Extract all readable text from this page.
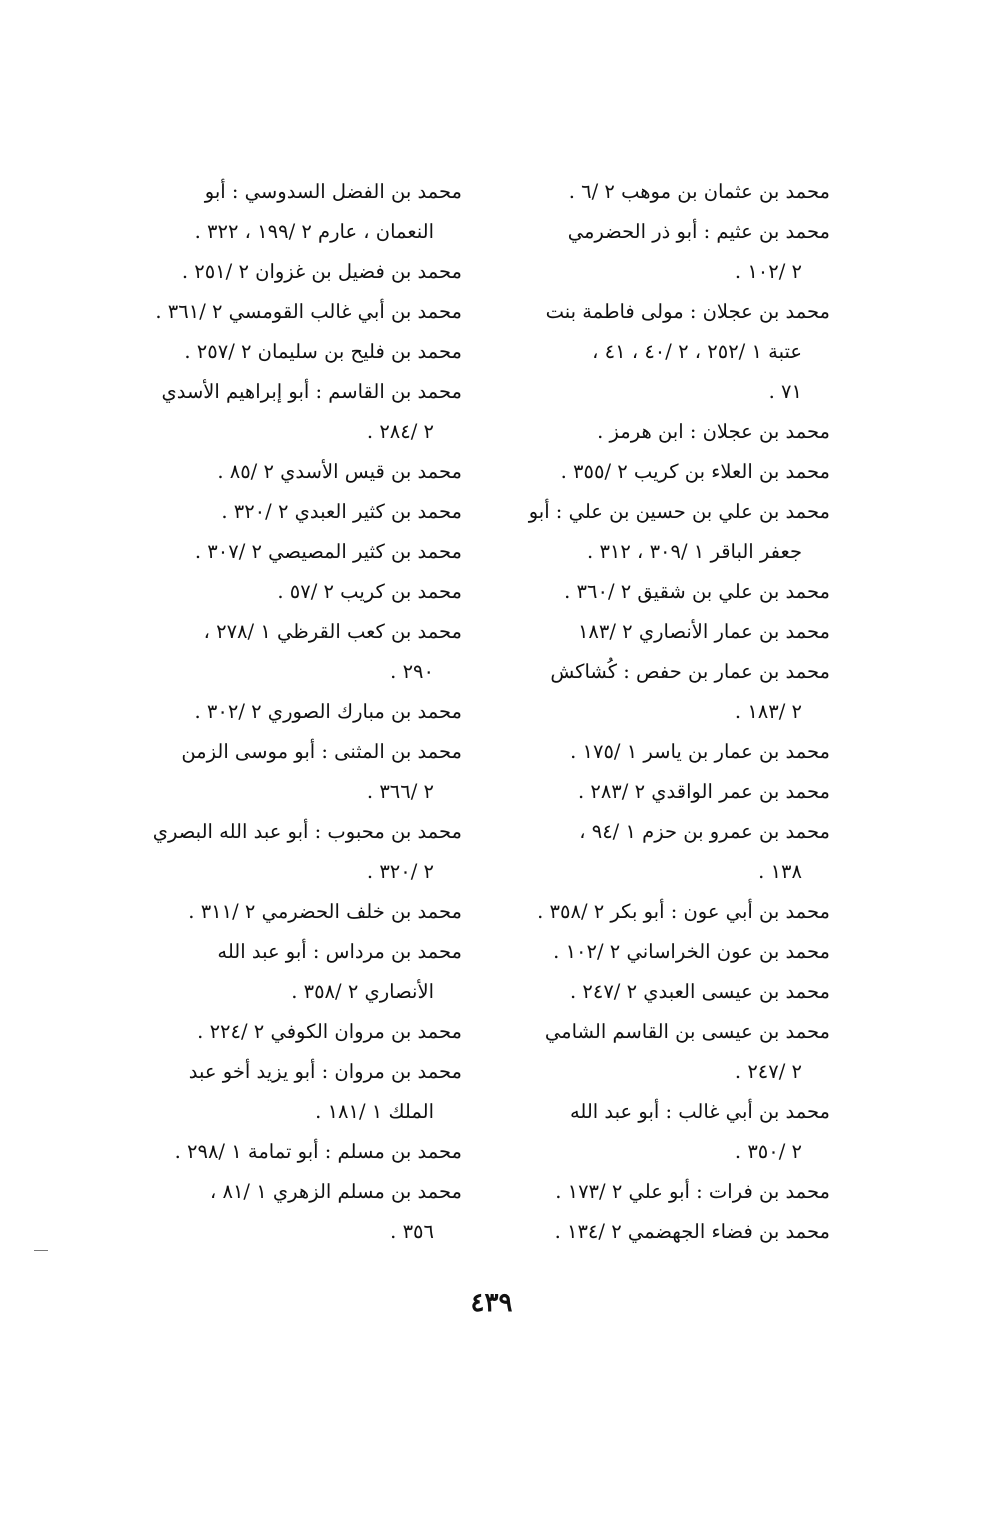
محمد بن عثمان بن موهب ٢ /٦ .
محمد بن عثيم : أبو ذر الحضرمي
٢ /١٠٢ .
محمد بن عجلان : مولى فاطمة بنت
عتبة ١ /٢٥٢ ، ٢ /٤٠ ، ٤١ ،
٧١ .
محمد بن عجلان : ابن هرمز .
محمد بن العلاء بن كريب ٢ /٣٥٥ .
محمد بن علي بن حسين بن علي : أبو
جعفر الباقر ١ /٣٠٩ ، ٣١٢ .
محمد بن علي بن شقيق ٢ /٣٦٠ .
محمد بن عمار الأنصاري ٢ /١٨٣
محمد بن عمار بن حفص : كُشاكش
٢ /١٨٣ .
محمد بن عمار بن ياسر ١ /١٧٥ .
محمد بن عمر الواقدي ٢ /٢٨٣ .
محمد بن عمرو بن حزم ١ /٩٤ ،
١٣٨ .
محمد بن أبي عون : أبو بكر ٢ /٣٥٨ .
محمد بن عون الخراساني ٢ /١٠٢ .
محمد بن عيسى العبدي ٢ /٢٤٧ .
محمد بن عيسى بن القاسم الشامي
٢ /٢٤٧ .
محمد بن أبي غالب : أبو عبد الله
٢ /٣٥٠ .
محمد بن فرات : أبو علي ٢ /١٧٣ .
محمد بن فضاء الجهضمي ٢ /١٣٤ .
محمد بن الفضل السدوسي : أبو
النعمان ، عارم ٢ /١٩٩ ، ٣٢٢ .
محمد بن فضيل بن غزوان ٢ /٢٥١ .
محمد بن أبي غالب القومسي ٢ /٣٦١ .
محمد بن فليح بن سليمان ٢ /٢٥٧ .
محمد بن القاسم : أبو إبراهيم الأسدي
٢ /٢٨٤ .
محمد بن قيس الأسدي ٢ /٨٥ .
محمد بن كثير العبدي ٢ /٣٢٠ .
محمد بن كثير المصيصي ٢ /٣٠٧ .
محمد بن كريب ٢ /٥٧ .
محمد بن كعب القرظي ١ /٢٧٨ ،
٢٩٠ .
محمد بن مبارك الصوري ٢ /٣٠٢ .
محمد بن المثنى : أبو موسى الزمن
٢ /٣٦٦ .
محمد بن محبوب : أبو عبد الله البصري
٢ /٣٢٠ .
محمد بن خلف الحضرمي ٢ /٣١١ .
محمد بن مرداس : أبو عبد الله
الأنصاري ٢ /٣٥٨ .
محمد بن مروان الكوفي ٢ /٢٢٤ .
محمد بن مروان : أبو يزيد أخو عبد
الملك ١ /١٨١ .
محمد بن مسلم : أبو تمامة ١ /٢٩٨ .
محمد بن مسلم الزهري ١ /٨١ ،
٣٥٦ .
٤٣٩
